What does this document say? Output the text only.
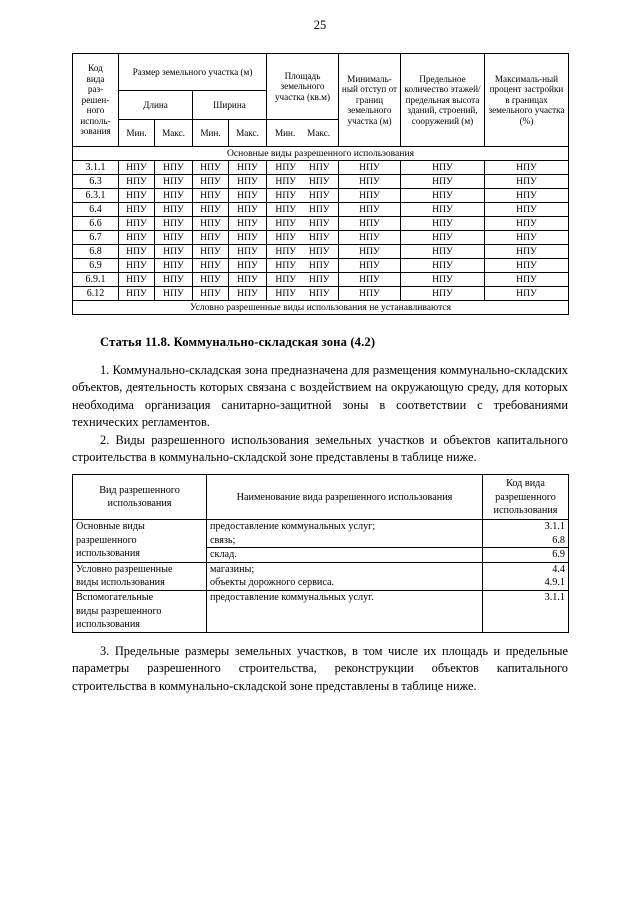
25
Код
вида
раз-
решен-
ного
исполь-
зования	Размер земельного участка (м)	Площадь земельного участка (кв.м)	Минималь-ный отступ от границ земельного участка (м)	Предельное количество этажей/ предельная высота зданий, строений, сооружений (м)	Максималь-ный процент застройки в границах земельного участка (%)
	Длина		Ширина					
	Мин.	Макс.	Мин.	Макс.	Мин. Макс.			

Основные виды разрешенного использования								
3.1.1	НПУ	НПУ	НПУ	НПУ	НПУ НПУ	НПУ	НПУ	НПУ
6.3	НПУ	НПУ	НПУ	НПУ	НПУ НПУ	НПУ	НПУ	НПУ
6.3.1	НПУ	НПУ	НПУ	НПУ	НПУ НПУ	НПУ	НПУ	НПУ
6.4	НПУ	НПУ	НПУ	НПУ	НПУ НПУ	НПУ	НПУ	НПУ
6.6	НПУ	НПУ	НПУ	НПУ	НПУ НПУ	НПУ	НПУ	НПУ
6.7	НПУ	НПУ	НПУ	НПУ	НПУ НПУ	НПУ	НПУ	НПУ
6.8	НПУ	НПУ	НПУ	НПУ	НПУ НПУ	НПУ	НПУ	НПУ
6.9	НПУ	НПУ	НПУ	НПУ	НПУ НПУ	НПУ	НПУ	НПУ
6.9.1	НПУ	НПУ	НПУ	НПУ	НПУ НПУ	НПУ	НПУ	НПУ
6.12	НПУ	НПУ	НПУ	НПУ	НПУ НПУ	НПУ	НПУ	НПУ
Условно разрешенные виды использования не устанавливаются								
Статья 11.8. Коммунально-складская зона (4.2)

1. Коммунально-складская зона предназначена для размещения коммунально-складских объектов, деятельность которых связана с воздействием на окружающую среду, для которых необходима организация санитарно-защитной зоны в соответствии с требованиями технических регламентов.

2. Виды разрешенного использования земельных участков и объектов капитального строительства в коммунально-складской зоне представлены в таблице ниже.

Вид разрешенного использования	Наименование вида разрешенного использования	Код вида разрешенного использования
Основные виды
разрешенного
использования	предоставление коммунальных услуг;	3.1.1
	связь;	6.8
	склад.	6.9
Условно разрешенные
виды использования	магазины;	4.4
	объекты дорожного сервиса.	4.9.1
Вспомогательные
виды разрешенного
использования	предоставление коммунальных услуг.	3.1.1

3. Предельные размеры земельных участков, в том числе их площадь и предельные параметры разрешенного строительства, реконструкции объектов капитального строительства в коммунально-складской зоне представлены в таблице ниже.
